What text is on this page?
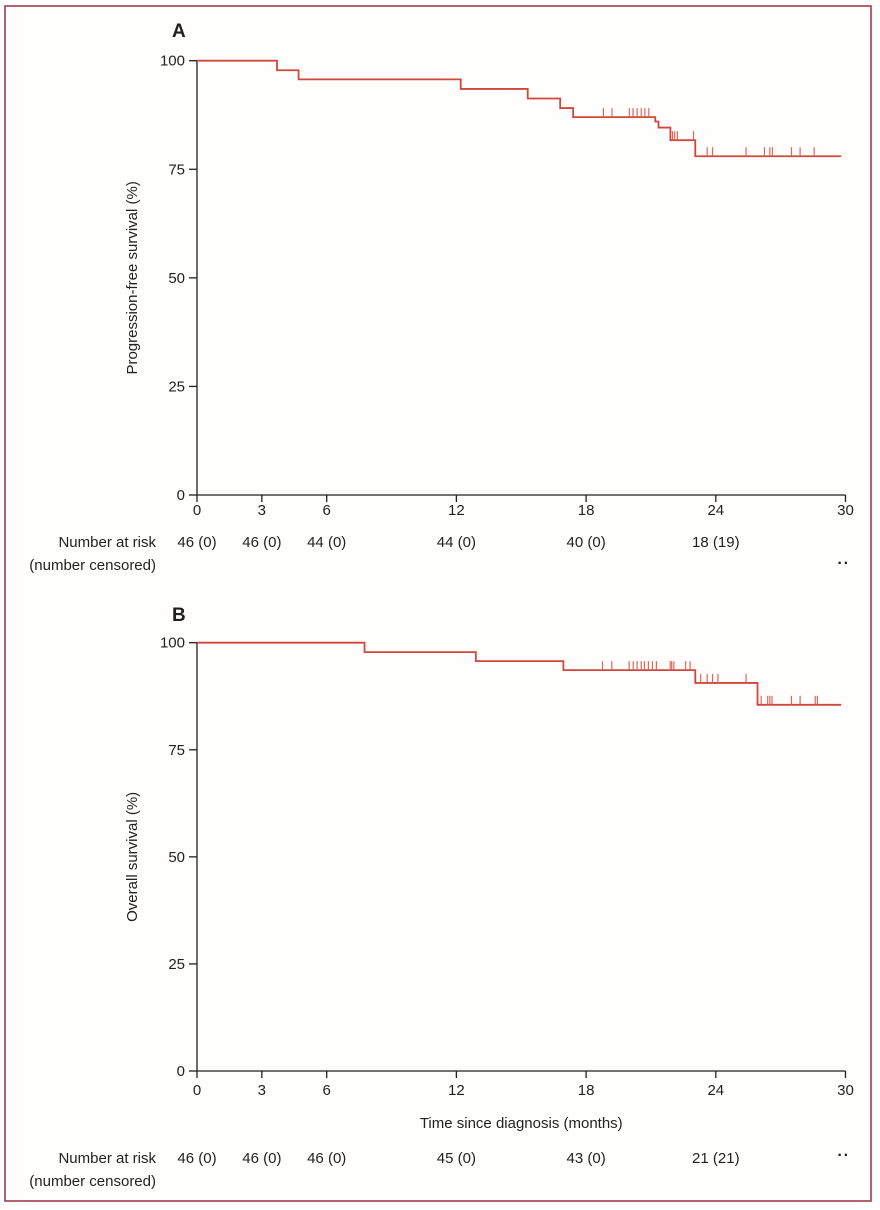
A
0
25
50
75
100
0	3	6	12	18	24	30
Progression-free survival (%)
Number at risk
(number censored)
46 (0) 46 (0) 44 (0)	44 (0)	40 (0)	18 (19)
··
B
0
25
50
75
100
0	3	6	12	18	24	30
Overall survival (%)
Time since diagnosis (months)
Number at risk
(number censored)
46 (0) 46 (0) 46 (0)	45 (0)	43 (0)	21 (21)	··
